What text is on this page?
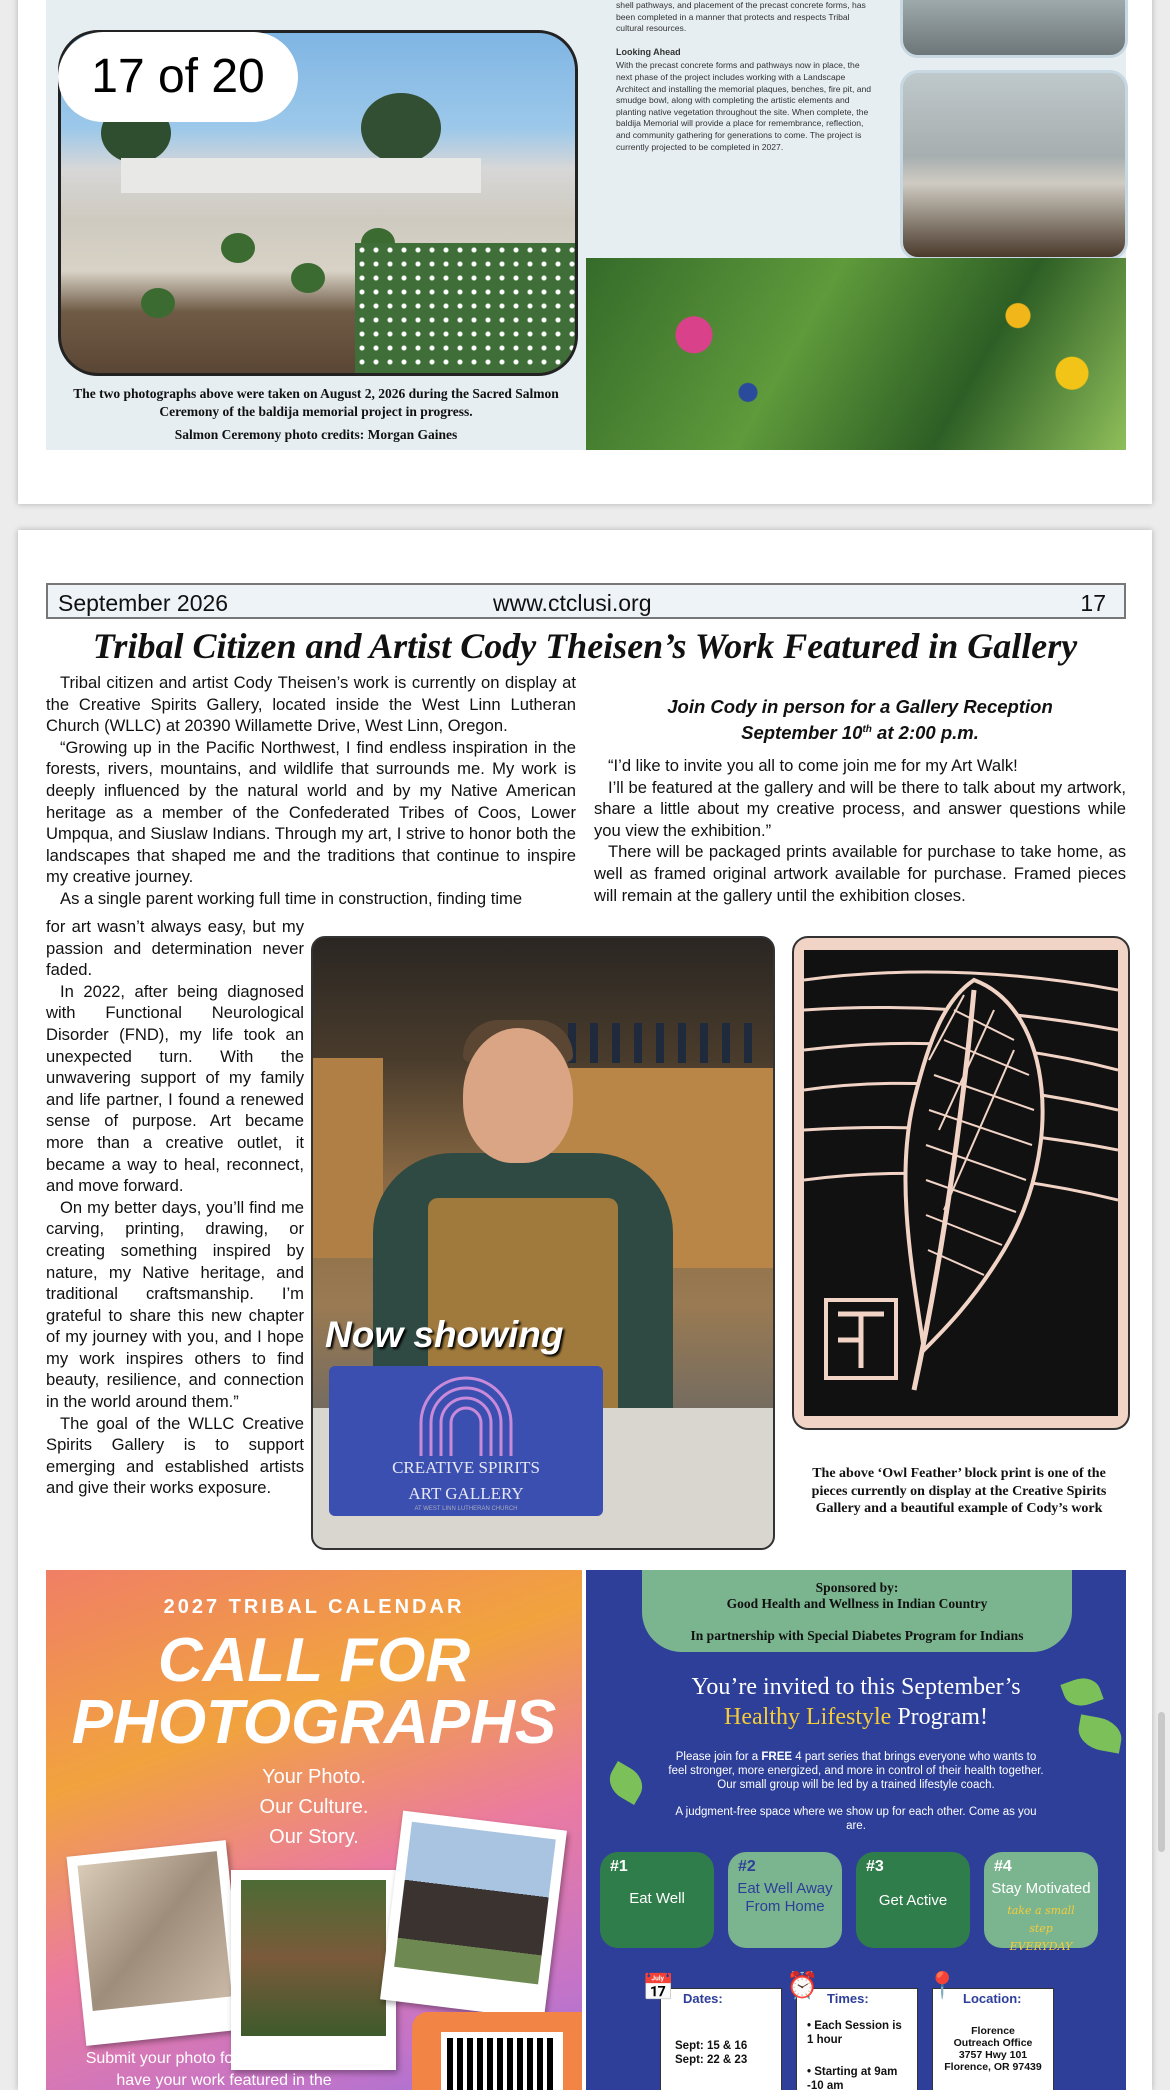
17 of 20
The two photographs above were taken on August 2, 2026 during the Sacred Salmon Ceremony of the baldija memorial project in progress.
Salmon Ceremony photo credits: Morgan Gaines

shell pathways, and placement of the precast concrete forms, has been completed in a manner that protects and respects Tribal cultural resources.

Looking Ahead

With the precast concrete forms and pathways now in place, the next phase of the project includes working with a Landscape Architect and installing the memorial plaques, benches, fire pit, and smudge bowl, along with completing the artistic elements and planting native vegetation throughout the site. When complete, the baldija Memorial will provide a place for remembrance, reflection, and community gathering for generations to come. The project is currently projected to be completed in 2027.

September 2026	www.ctclusi.org	17
Tribal Citizen and Artist Cody Theisen’s Work Featured in Gallery

Tribal citizen and artist Cody Theisen’s work is currently on display at the Creative Spirits Gallery, located inside the West Linn Lutheran Church (WLLC) at 20390 Willamette Drive, West Linn, Oregon.

“Growing up in the Pacific Northwest, I find endless inspiration in the forests, rivers, mountains, and wildlife that surrounds me. My work is deeply influenced by the natural world and by my Native American heritage as a member of the Confederated Tribes of Coos, Lower Umpqua, and Siuslaw Indians. Through my art, I strive to honor both the landscapes that shaped me and the traditions that continue to inspire my creative journey.

As a single parent working full time in construction, finding time

for art wasn’t always easy, but my passion and determination never faded.

In 2022, after being diagnosed with Functional Neurological Disorder (FND), my life took an unexpected turn. With the unwavering support of my family and life partner, I found a renewed sense of purpose. Art became more than a creative outlet, it became a way to heal, reconnect, and move forward.

On my better days, you’ll find me carving, printing, drawing, or creating something inspired by nature, my Native heritage, and traditional craftsmanship. I’m grateful to share this new chapter of my journey with you, and I hope my work inspires others to find beauty, resilience, and connection in the world around them.”

The goal of the WLLC Creative Spirits Gallery is to support emerging and established artists and give their works exposure.

Join Cody in person for a Gallery Reception
September 10th at 2:00 p.m.

“I’d like to invite you all to come join me for my Art Walk!

I’ll be featured at the gallery and will be there to talk about my artwork, share a little about my creative process, and answer questions while you view the exhibition.”

There will be packaged prints available for purchase to take home, as well as framed original artwork available for purchase. Framed pieces will remain at the gallery until the exhibition closes.

Now showing
CREATIVE SPIRITS
ART GALLERY
AT WEST LINN LUTHERAN CHURCH
The above ‘Owl Feather’ block print is one of the pieces currently on display at the Creative Spirits Gallery and a beautiful example of Cody’s work
2027 TRIBAL CALENDAR
CALL FOR
PHOTOGRAPHS
Your Photo.
Our Culture.
Our Story.
Submit your photo for an opportunity to have your work featured in the
Sponsored by:
Good Health and Wellness in Indian Country
In partnership with Special Diabetes Program for Indians
You’re invited to this September’s
Healthy Lifestyle Program!
Please join for a FREE 4 part series that brings everyone who wants to feel stronger, more energized, and more in control of their health together. Our small group will be led by a trained lifestyle coach.
A judgment-free space where we show up for each other. Come as you are.
#1
Eat Well
#2
Eat Well Away From Home
#3
Get Active
#4
Stay Motivated
take a small step EVERYDAY
Dates:
Sept: 15 & 16
Sept: 22 & 23
📅	Times:
• Each Session is 1 hour
• Starting at 9am -10 am
⏰	Location:
Florence
Outreach Office
3757 Hwy 101
Florence, OR 97439
📍
